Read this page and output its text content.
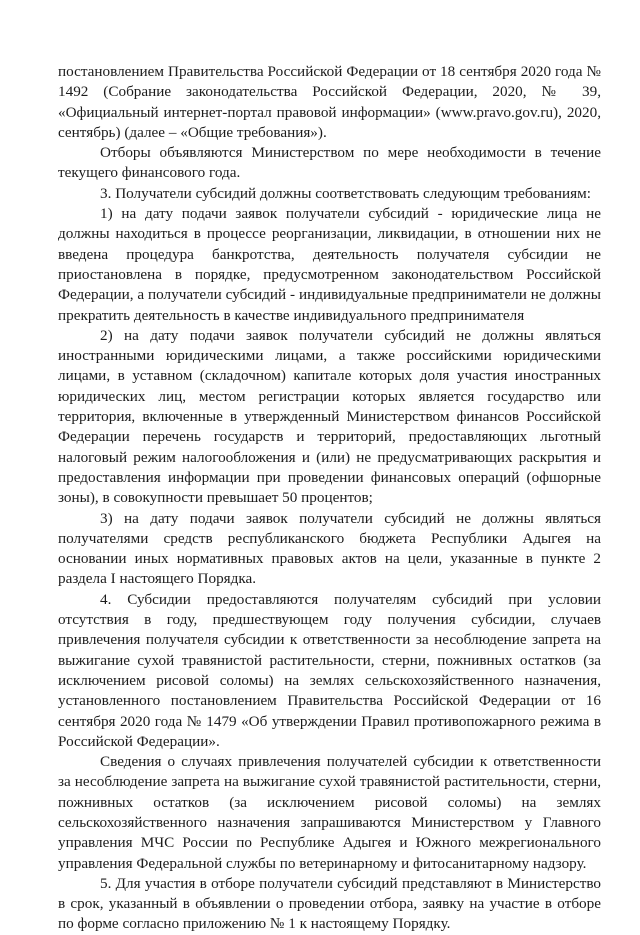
постановлением Правительства Российской Федерации от 18 сентября 2020 года № 1492 (Собрание законодательства Российской Федерации, 2020, № 39, «Официальный интернет-портал правовой информации» (www.pravo.gov.ru), 2020, сентябрь) (далее – «Общие требования»).

Отборы объявляются Министерством по мере необходимости в течение текущего финансового года.

3. Получатели субсидий должны соответствовать следующим требованиям:

1) на дату подачи заявок получатели субсидий - юридические лица не должны находиться в процессе реорганизации, ликвидации, в отношении них не введена процедура банкротства, деятельность получателя субсидии не приостановлена в порядке, предусмотренном законодательством Российской Федерации, а получатели субсидий - индивидуальные предприниматели не должны прекратить деятельность в качестве индивидуального предпринимателя

2) на дату подачи заявок получатели субсидий не должны являться иностранными юридическими лицами, а также российскими юридическими лицами, в уставном (складочном) капитале которых доля участия иностранных юридических лиц, местом регистрации которых является государство или территория, включенные в утвержденный Министерством финансов Российской Федерации перечень государств и территорий, предоставляющих льготный налоговый режим налогообложения и (или) не предусматривающих раскрытия и предоставления информации при проведении финансовых операций (офшорные зоны), в совокупности превышает 50 процентов;

3) на дату подачи заявок получатели субсидий не должны являться получателями средств республиканского бюджета Республики Адыгея на основании иных нормативных правовых актов на цели, указанные в пункте 2 раздела I настоящего Порядка.

4. Субсидии предоставляются получателям субсидий при условии отсутствия в году, предшествующем году получения субсидии, случаев привлечения получателя субсидии к ответственности за несоблюдение запрета на выжигание сухой травянистой растительности, стерни, пожнивных остатков (за исключением рисовой соломы) на землях сельскохозяйственного назначения, установленного постановлением Правительства Российской Федерации от 16 сентября 2020 года № 1479 «Об утверждении Правил противопожарного режима в Российской Федерации».

Сведения о случаях привлечения получателей субсидии к ответственности за несоблюдение запрета на выжигание сухой травянистой растительности, стерни, пожнивных остатков (за исключением рисовой соломы) на землях сельскохозяйственного назначения запрашиваются Министерством у Главного управления МЧС России по Республике Адыгея и Южного межрегионального управления Федеральной службы по ветеринарному и фитосанитарному надзору.

5. Для участия в отборе получатели субсидий представляют в Министерство в срок, указанный в объявлении о проведении отбора, заявку на участие в отборе по форме согласно приложению № 1 к настоящему Порядку.
